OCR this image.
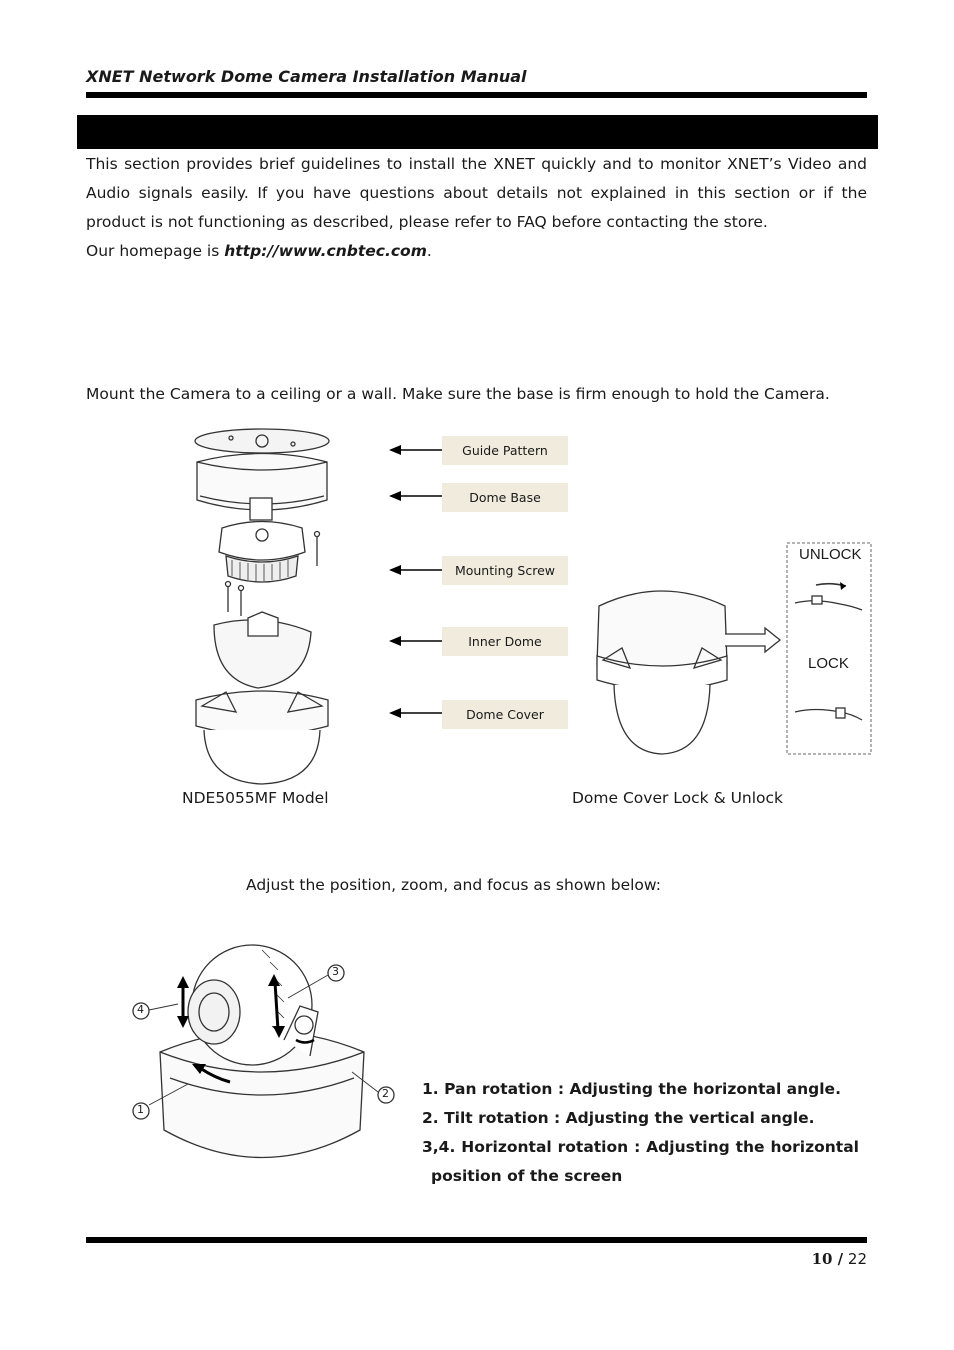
XNET Network Dome Camera Installation Manual

This section provides brief guidelines to install the XNET quickly and to monitor XNET’s Video and Audio signals easily. If you have questions about details not explained in this section or if the product is not functioning as described, please refer to FAQ before contacting the store.

Our homepage is http://www.cnbtec.com.

Mount the Camera to a ceiling or a wall. Make sure the base is firm enough to hold the Camera.
Guide Pattern
Dome Base
Mounting Screw
Inner Dome
Dome Cover
UNLOCK
LOCK
NDE5055MF Model	Dome Cover Lock & Unlock
Adjust the position, zoom, and focus as shown below:
4
3
1
2 1. Pan rotation : Adjusting the horizontal angle.
2. Tilt rotation : Adjusting the vertical angle.
3,4. Horizontal rotation : Adjusting the horizontal
position of the screen
10 / 22
